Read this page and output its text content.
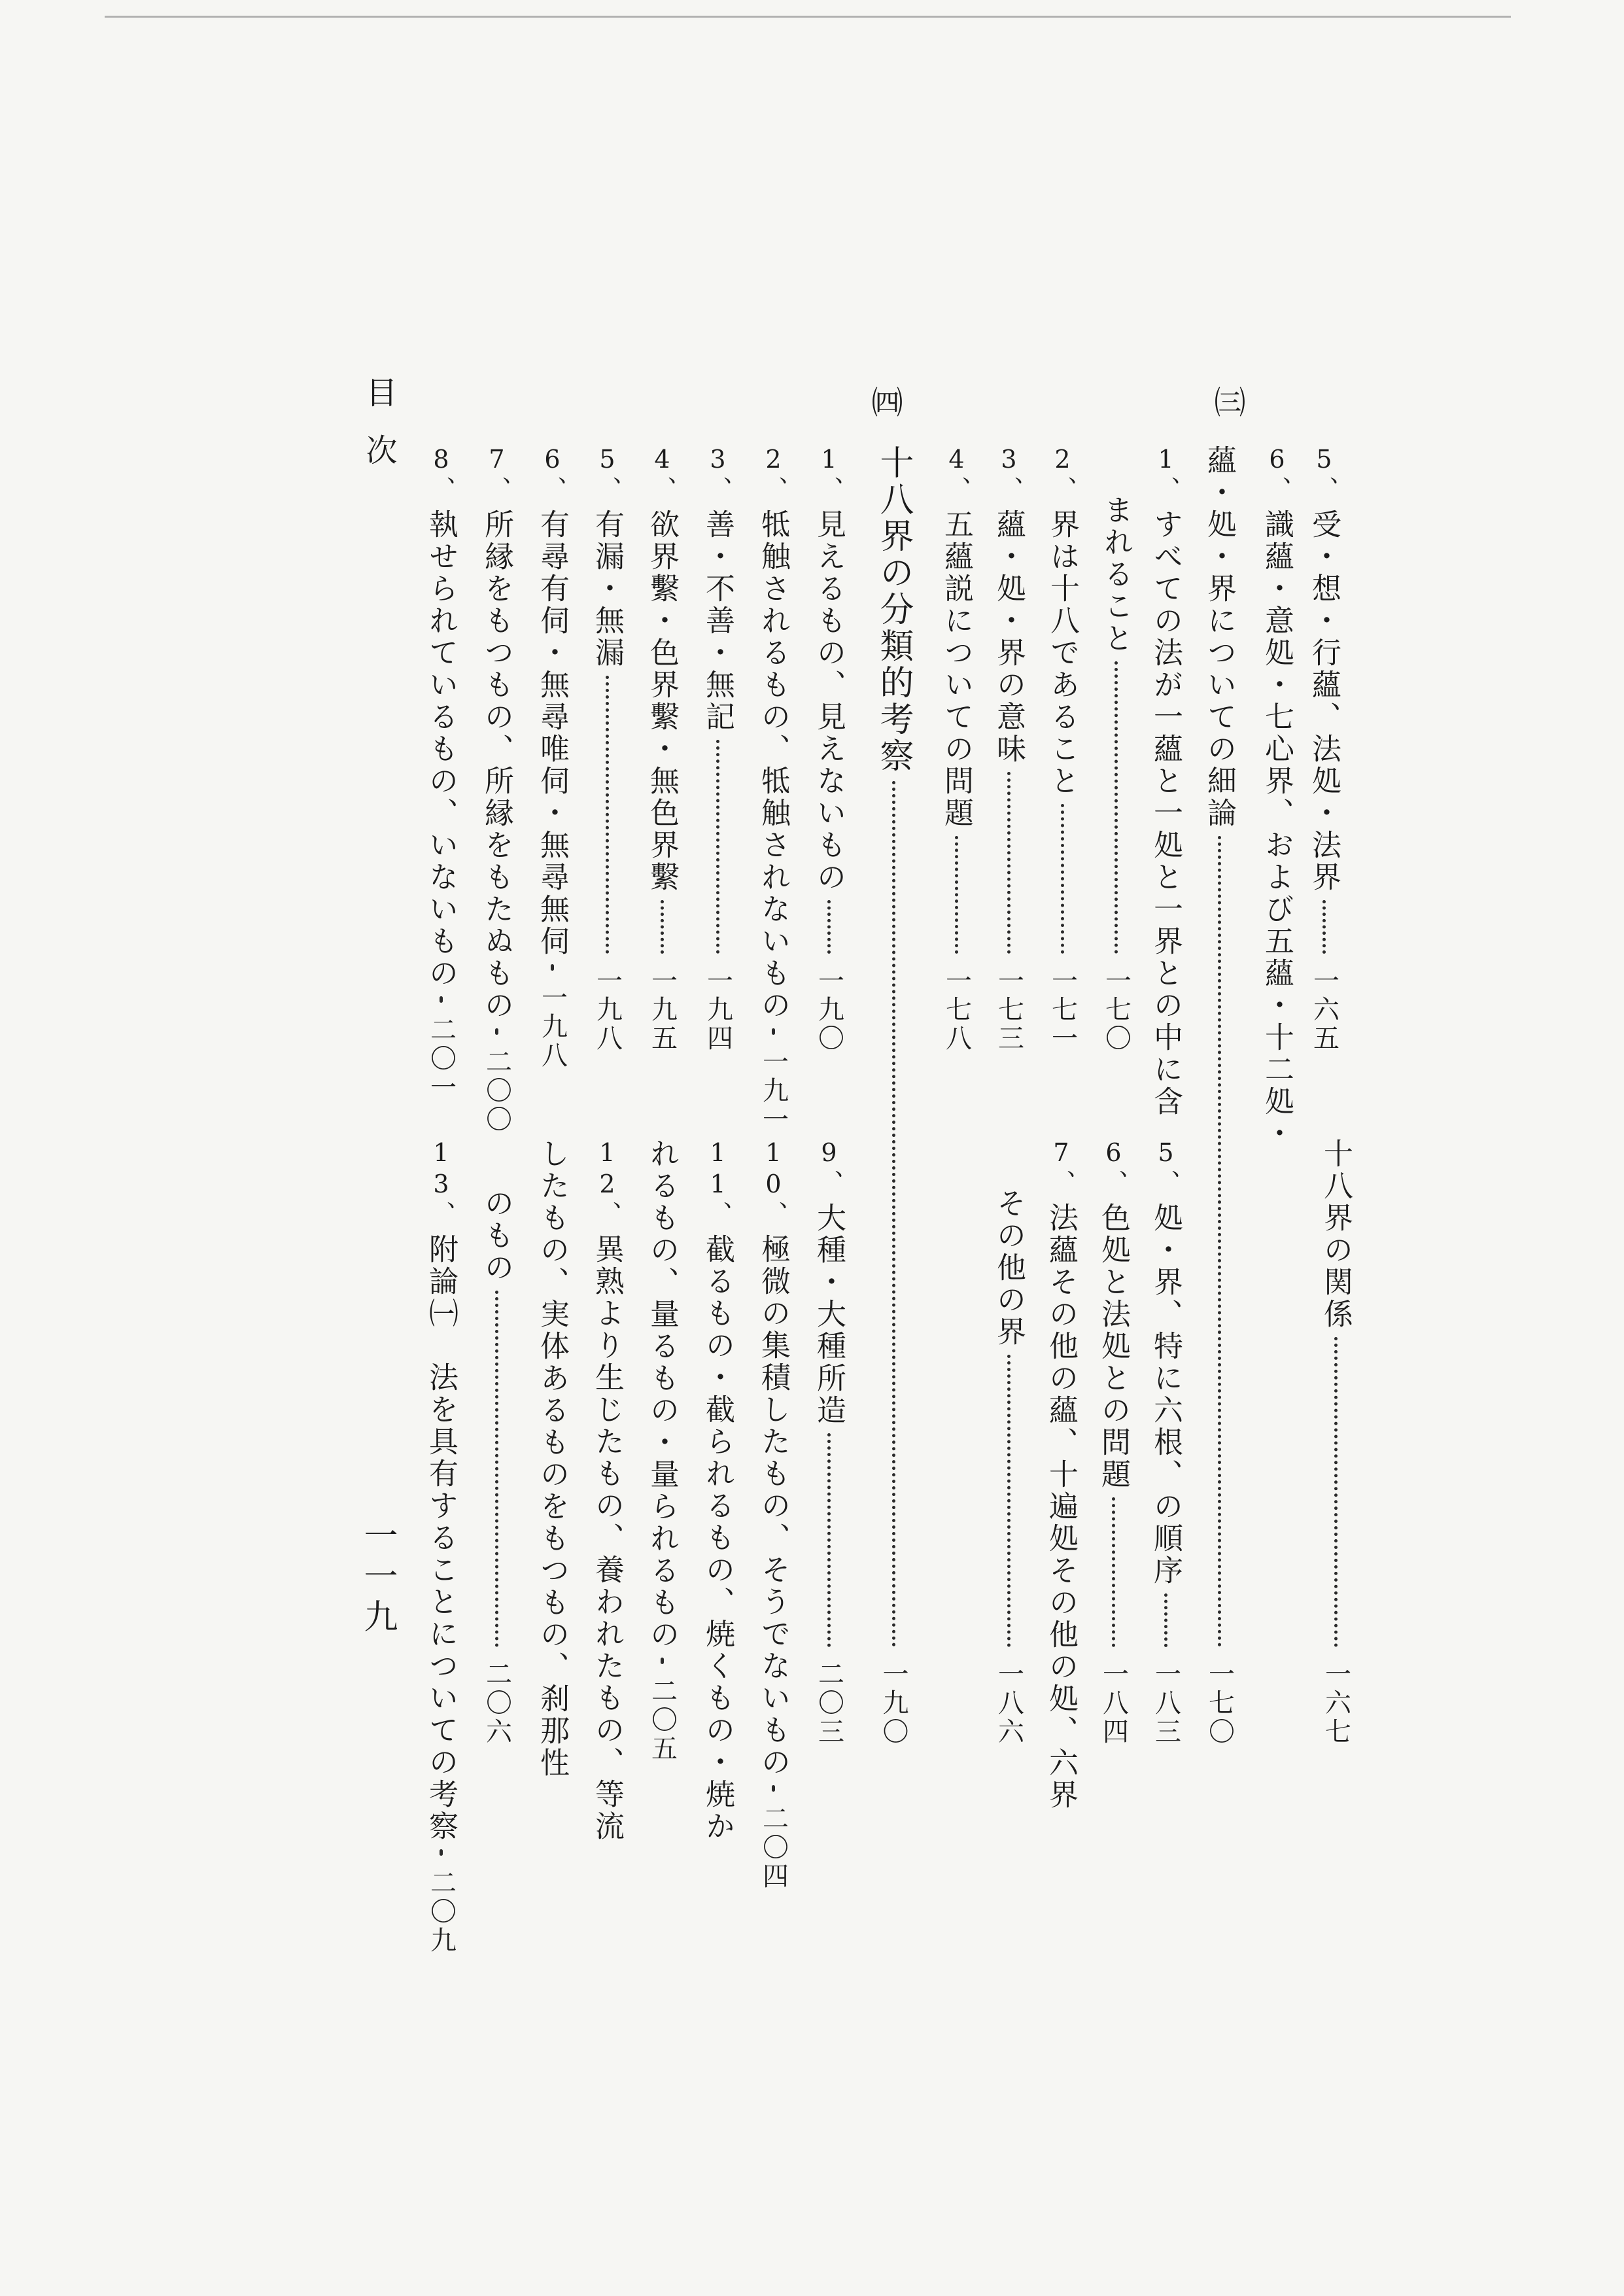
5、
受・想・行蘊、法処・法界
一六五
6、
識蘊・意処・七心界、および五蘊・十二処・
㈢
蘊・処・界についての細論
一七〇
1、
すべての法が一蘊と一処と一界との中に含
まれること
一七〇
2、
界は十八であること
一七一
3、
蘊・処・界の意味
一七三
4、
五蘊説についての問題
一七八
㈣
十八界の分類的考察
一九〇
1、
見えるもの、見えないもの
一九〇
2、
牴触されるもの、牴触されないもの
一九一
3、
善・不善・無記
一九四
4、
欲界繫・色界繫・無色界繫
一九五
5、
有漏・無漏
一九八
6、
有尋有伺・無尋唯伺・無尋無伺
一九八
7、
所縁をもつもの、所縁をもたぬもの
二〇〇
8、
執せられているもの、いないもの
二〇一
十八界の関係
一六七
5、
処・界、特に六根、の順序
一八三
6、
色処と法処との問題
一八四
7、
法蘊その他の蘊、十遍処その他の処、六界
その他の界
一八六
9、
大種・大種所造
二〇三
10、
極微の集積したもの、そうでないもの
二〇四
11、
截るもの・截られるもの、焼くもの・焼か
れるもの、量るもの・量られるもの
二〇五
12、
異熟より生じたもの、養われたもの、等流
したもの、実体あるものをもつもの、刹那性
のもの
二〇六
13、
附論㈠　法を具有することについての考察
二〇九
目次
一一九
